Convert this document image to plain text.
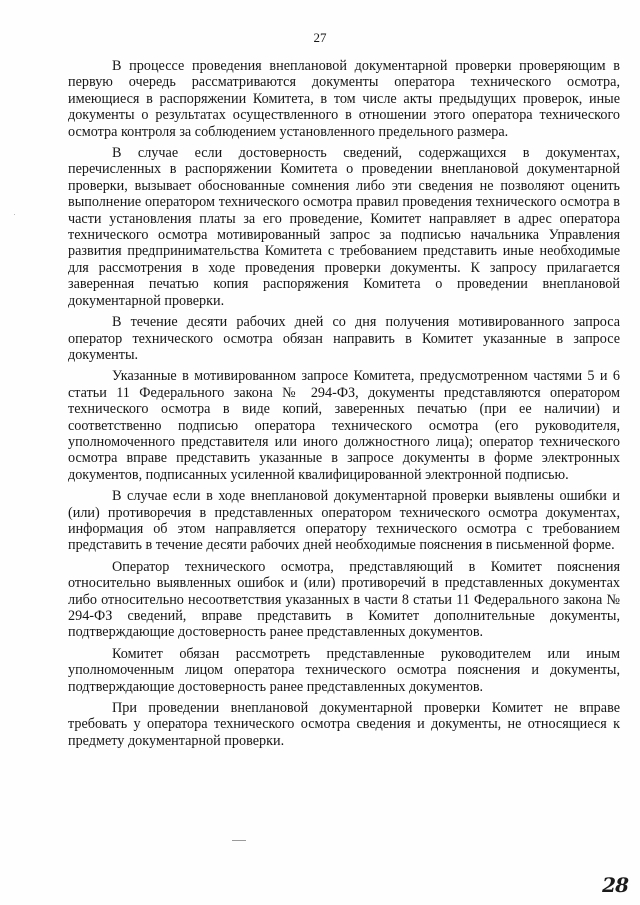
27

В процессе проведения внеплановой документарной проверки проверяющим в первую очередь рассматриваются документы оператора технического осмотра, имеющиеся в распоряжении Комитета, в том числе акты предыдущих проверок, иные документы о результатах осуществленного в отношении этого оператора технического осмотра контроля за соблюдением установленного предельного размера.

В случае если достоверность сведений, содержащихся в документах, перечисленных в распоряжении Комитета о проведении внеплановой документарной проверки, вызывает обоснованные сомнения либо эти сведения не позволяют оценить выполнение оператором технического осмотра правил проведения технического осмотра в части установления платы за его проведение, Комитет направляет в адрес оператора технического осмотра мотивированный запрос за подписью начальника Управления развития предпринимательства Комитета с требованием представить иные необходимые для рассмотрения в ходе проведения проверки документы. К запросу прилагается заверенная печатью копия распоряжения Комитета о проведении внеплановой документарной проверки.

В течение десяти рабочих дней со дня получения мотивированного запроса оператор технического осмотра обязан направить в Комитет указанные в запросе документы.

Указанные в мотивированном запросе Комитета, предусмотренном частями 5 и 6 статьи 11 Федерального закона № 294-ФЗ, документы представляются оператором технического осмотра в виде копий, заверенных печатью (при ее наличии) и соответственно подписью оператора технического осмотра (его руководителя, уполномоченного представителя или иного должностного лица); оператор технического осмотра вправе представить указанные в запросе документы в форме электронных документов, подписанных усиленной квалифицированной электронной подписью.

В случае если в ходе внеплановой документарной проверки выявлены ошибки и (или) противоречия в представленных оператором технического осмотра документах, информация об этом направляется оператору технического осмотра с требованием представить в течение десяти рабочих дней необходимые пояснения в письменной форме.

Оператор технического осмотра, представляющий в Комитет пояснения относительно выявленных ошибок и (или) противоречий в представленных документах либо относительно несоответствия указанных в части 8 статьи 11 Федерального закона № 294-ФЗ сведений, вправе представить в Комитет дополнительные документы, подтверждающие достоверность ранее представленных документов.

Комитет обязан рассмотреть представленные руководителем или иным уполномоченным лицом оператора технического осмотра пояснения и документы, подтверждающие достоверность ранее представленных документов.

При проведении внеплановой документарной проверки Комитет не вправе требовать у оператора технического осмотра сведения и документы, не относящиеся к предмету документарной проверки.

28
